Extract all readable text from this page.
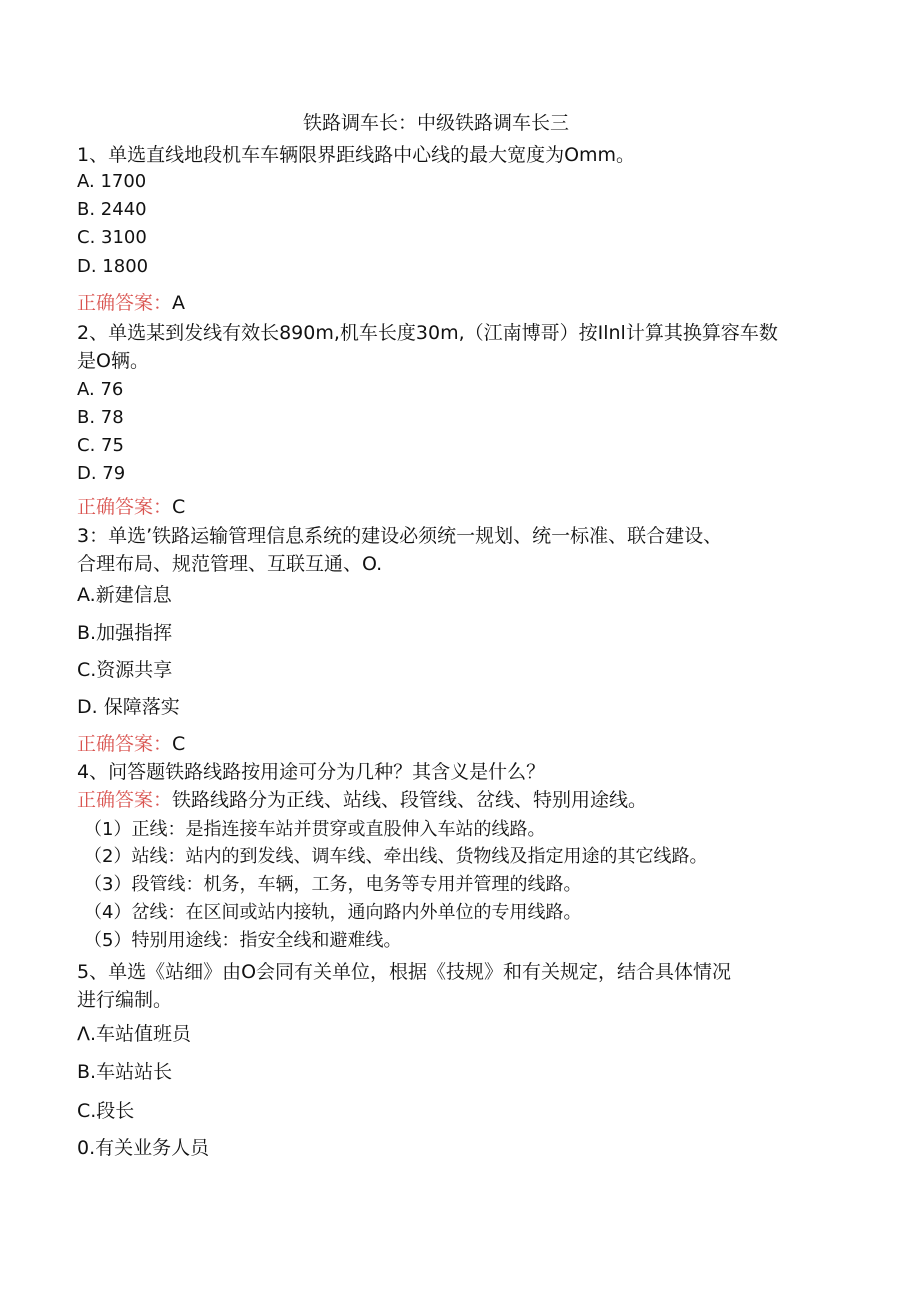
铁路调车长：中级铁路调车长三
1、单选直线地段机车车辆限界距线路中心线的最大宽度为Omm。
A. 1700
B. 2440
C. 3100
D. 1800
正确答案：A
2、单选某到发线有效长890m,机车长度30m,（江南博哥）按Ilnl计算其换算容车数
是O辆。
A. 76
B. 78
C. 75
D. 79
正确答案：C
3：单选’铁路运输管理信息系统的建设必须统一规划、统一标准、联合建设、
合理布局、规范管理、互联互通、O.
A.新建信息
B.加强指挥
C.资源共享
D. 保障落实
正确答案：C
4、问答题铁路线路按用途可分为几种？其含义是什么？
正确答案：铁路线路分为正线、站线、段管线、岔线、特别用途线。
（1）正线：是指连接车站并贯穿或直股伸入车站的线路。
（2）站线：站内的到发线、调车线、牵出线、货物线及指定用途的其它线路。
（3）段管线：机务，车辆，工务，电务等专用并管理的线路。
（4）岔线：在区间或站内接轨，通向路内外单位的专用线路。
（5）特别用途线：指安全线和避难线。
5、单选《站细》由O会同有关单位，根据《技规》和有关规定，结合具体情况
进行编制。
Λ.车站值班员
B.车站站长
C.段长
0.有关业务人员
